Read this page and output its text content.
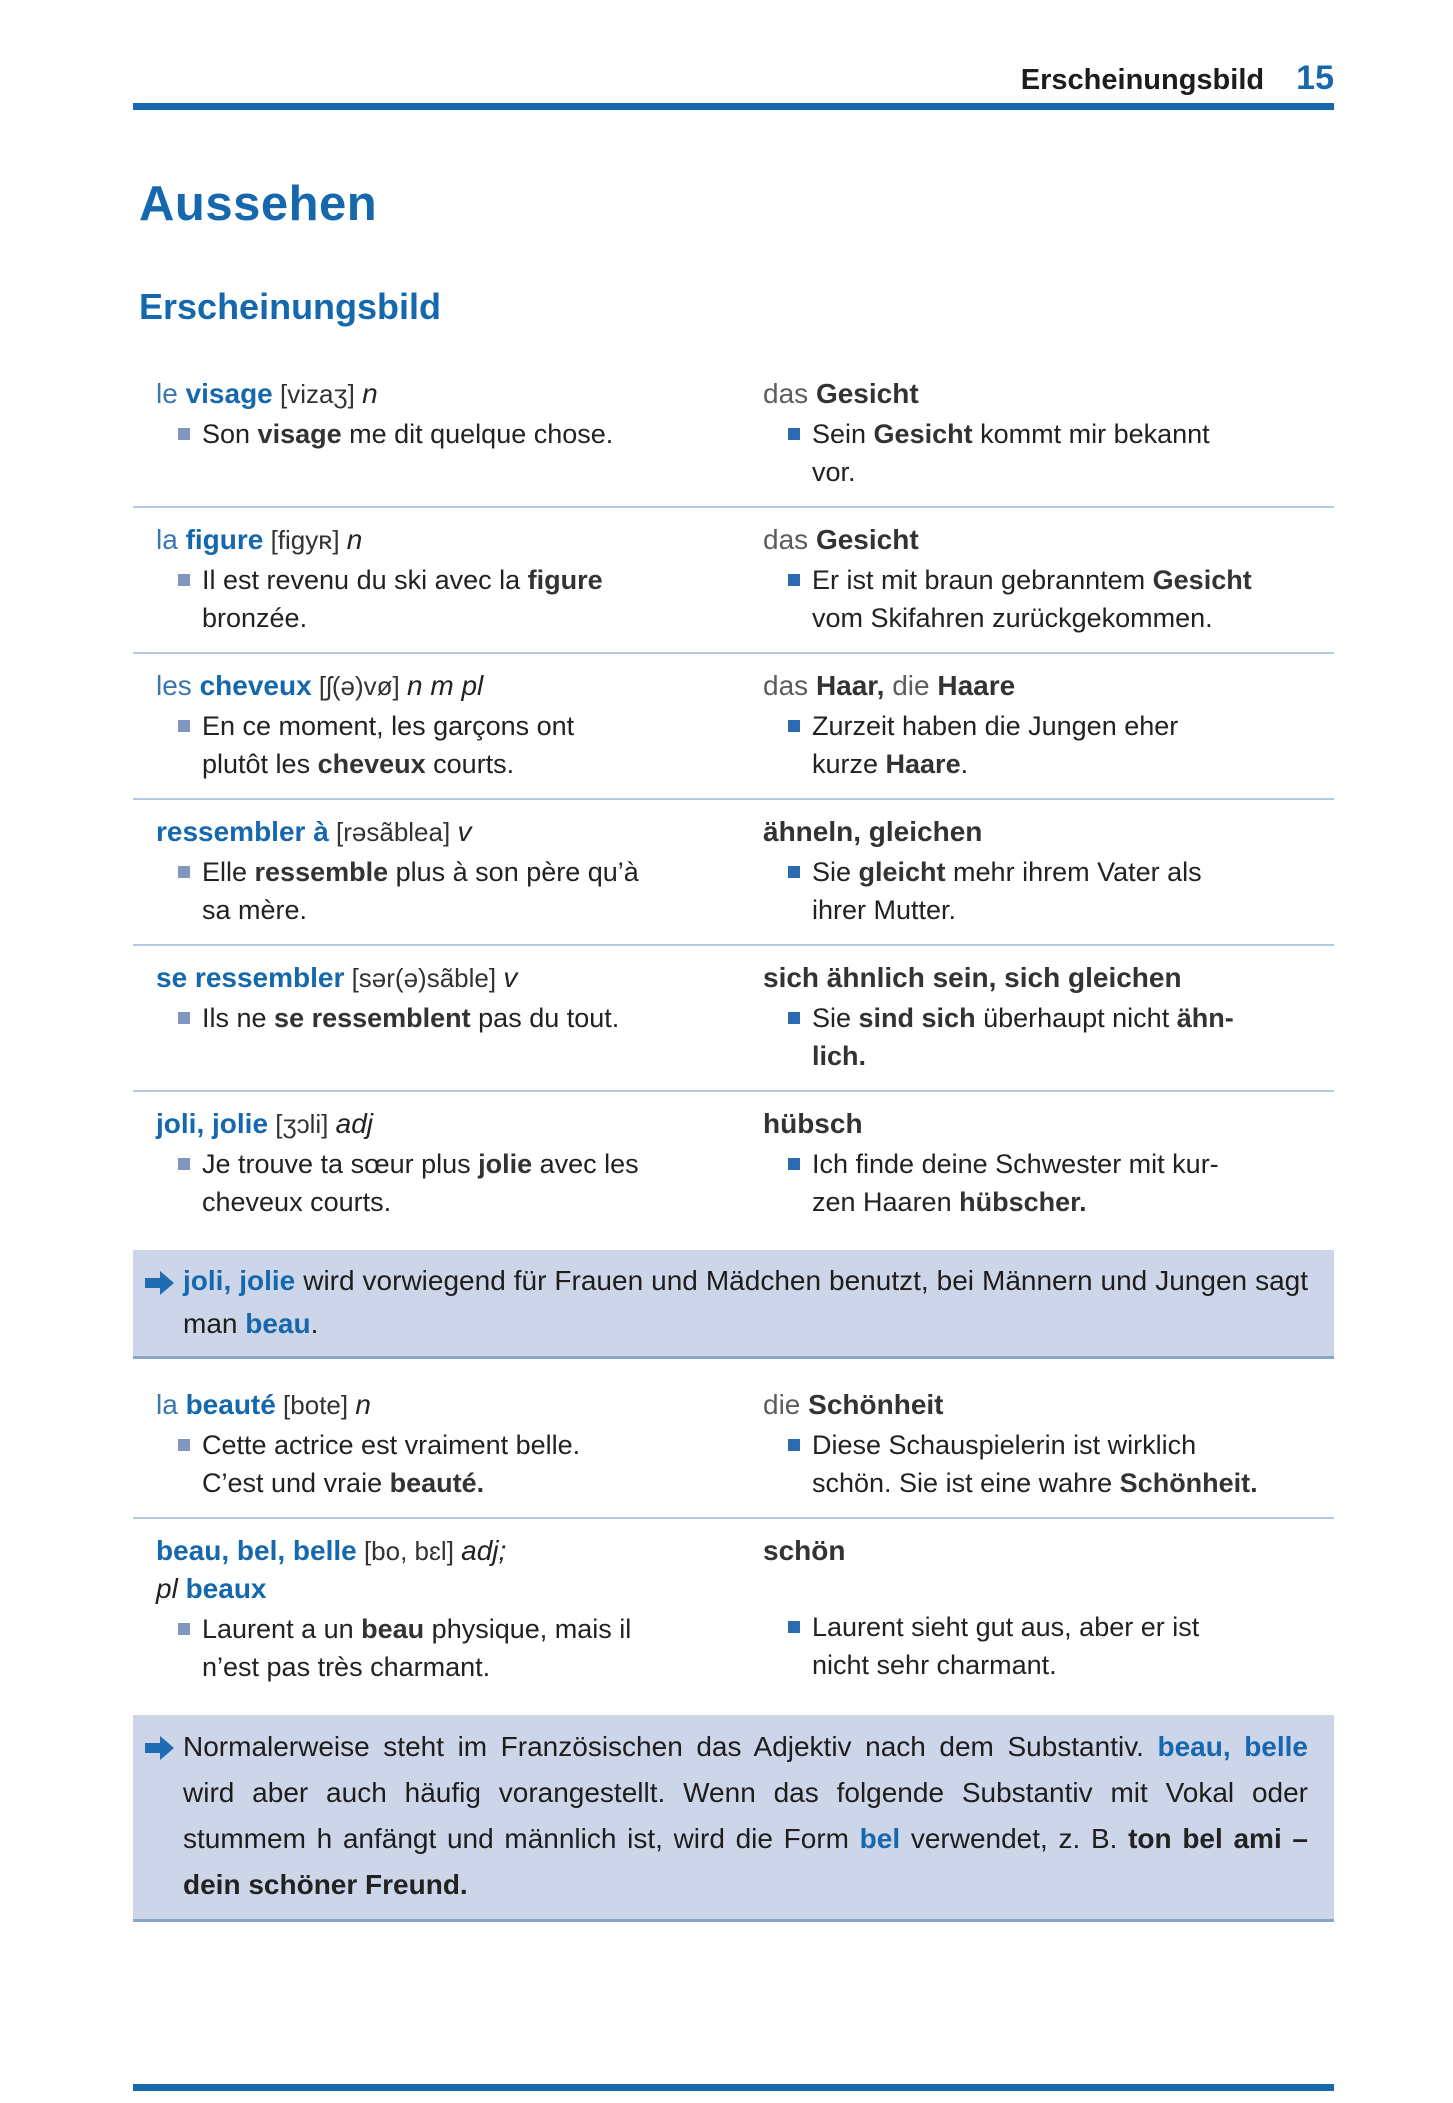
Erscheinungsbild 15
Aussehen
Erscheinungsbild
le visage [vizaʒ] n
Son visage me dit quelque chose.
das Gesicht
Sein Gesicht kommt mir bekannt
vor.
la figure [figyʀ] n
Il est revenu du ski avec la figure
bronzée.
das Gesicht
Er ist mit braun gebranntem Gesicht
vom Skifahren zurückgekommen.
les cheveux [ʃ(ə)vø] n m pl
En ce moment, les garçons ont
plutôt les cheveux courts.
das Haar, die Haare
Zurzeit haben die Jungen eher
kurze Haare.
ressembler à [rəsãblea] v
Elle ressemble plus à son père qu’à
sa mère.
ähneln, gleichen
Sie gleicht mehr ihrem Vater als
ihrer Mutter.
se ressembler [sər(ə)sãble] v
Ils ne se ressemblent pas du tout.
sich ähnlich sein, sich gleichen
Sie sind sich überhaupt nicht ähn-
lich.
joli, jolie [ʒɔli] adj
Je trouve ta sœur plus jolie avec les
cheveux courts.
hübsch
Ich finde deine Schwester mit kur-
zen Haaren hübscher.
joli, jolie wird vorwiegend für Frauen und Mädchen benutzt, bei Männern und Jungen sagt man beau.
la beauté [bote] n
Cette actrice est vraiment belle.
C’est und vraie beauté.
die Schönheit
Diese Schauspielerin ist wirklich
schön. Sie ist eine wahre Schönheit.
beau, bel, belle [bo, bɛl] adj;
pl beaux
Laurent a un beau physique, mais il
n’est pas très charmant.
schön
Laurent sieht gut aus, aber er ist
nicht sehr charmant.
Normalerweise steht im Französischen das Adjektiv nach dem Substantiv. beau, belle wird aber auch häufig vorangestellt. Wenn das folgende Substantiv mit Vokal oder stummem h anfängt und männlich ist, wird die Form bel verwendet, z. B. ton bel ami – dein schöner Freund.
